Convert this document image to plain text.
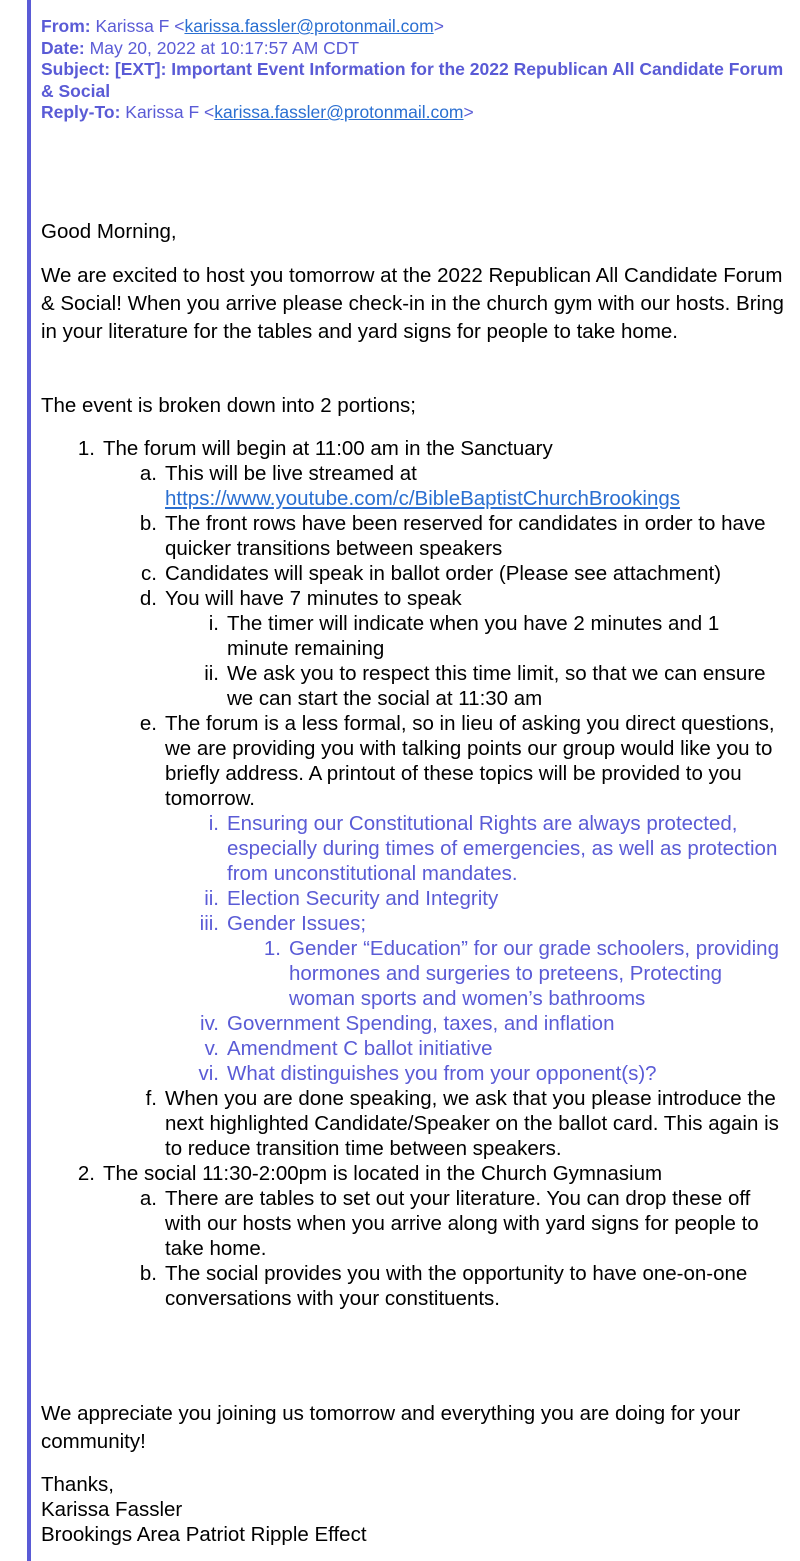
From: Karissa F <karissa.fassler@protonmail.com>
Date: May 20, 2022 at 10:17:57 AM CDT
Subject: [EXT]: Important Event Information for the 2022 Republican All Candidate Forum & Social
Reply-To: Karissa F <karissa.fassler@protonmail.com>
Good Morning,
We are excited to host you tomorrow at the 2022 Republican All Candidate Forum & Social! When you arrive please check-in in the church gym with our hosts. Bring in your literature for the tables and yard signs for people to take home.
The event is broken down into 2 portions;
1. The forum will begin at 11:00 am in the Sanctuary
a. This will be live streamed at
https://www.youtube.com/c/BibleBaptistChurchBrookings
b. The front rows have been reserved for candidates in order to have quicker transitions between speakers
c. Candidates will speak in ballot order (Please see attachment)
d. You will have 7 minutes to speak
i. The timer will indicate when you have 2 minutes and 1 minute remaining
ii. We ask you to respect this time limit, so that we can ensure we can start the social at 11:30 am
e. The forum is a less formal, so in lieu of asking you direct questions, we are providing you with talking points our group would like you to briefly address. A printout of these topics will be provided to you tomorrow.
i. Ensuring our Constitutional Rights are always protected, especially during times of emergencies, as well as protection from unconstitutional mandates.
ii. Election Security and Integrity
iii. Gender Issues;
1. Gender “Education” for our grade schoolers, providing hormones and surgeries to preteens, Protecting woman sports and women’s bathrooms
iv. Government Spending, taxes, and inflation
v. Amendment C ballot initiative
vi. What distinguishes you from your opponent(s)?
f. When you are done speaking, we ask that you please introduce the next highlighted Candidate/Speaker on the ballot card. This again is to reduce transition time between speakers.
2. The social 11:30-2:00pm is located in the Church Gymnasium
a. There are tables to set out your literature. You can drop these off with our hosts when you arrive along with yard signs for people to take home.
b. The social provides you with the opportunity to have one-on-one conversations with your constituents.
We appreciate you joining us tomorrow and everything you are doing for your community!
Thanks,
Karissa Fassler
Brookings Area Patriot Ripple Effect
